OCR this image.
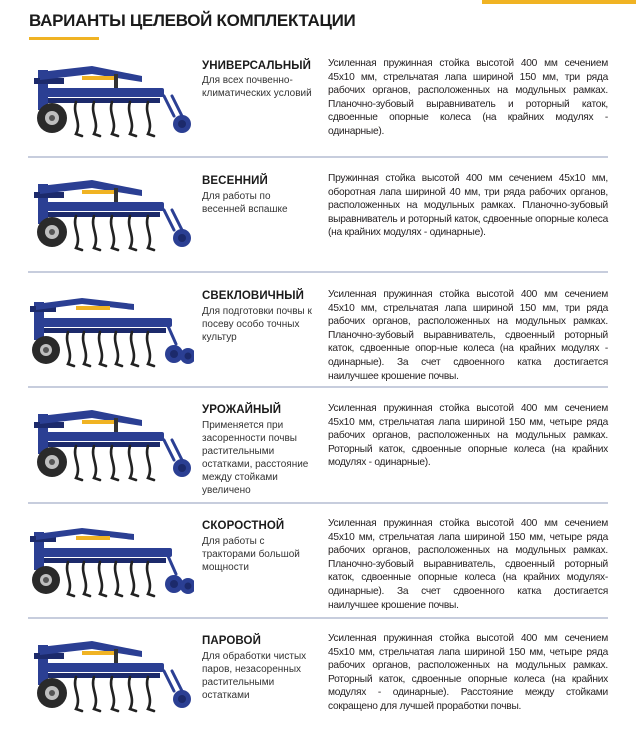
ВАРИАНТЫ ЦЕЛЕВОЙ КОМПЛЕКТАЦИИ
УНИВЕРСАЛЬНЫЙ
Для всех почвенно-климатических условий
Усиленная пружинная стойка высотой 400 мм сечением 45х10 мм, стрельчатая лапа шириной 150 мм, три ряда рабочих органов, расположенных на модульных рамках. Планочно-зубовый выравниватель и роторный каток, сдвоенные опорные колеса (на крайних модулях - одинарные).
ВЕСЕННИЙ
Для работы по весенней вспашке
Пружинная стойка высотой 400 мм сечением 45х10 мм, оборотная лапа шириной 40 мм, три ряда рабочих органов, расположенных на модульных рамках. Планочно-зубовый выравниватель и роторный каток, сдвоенные опорные колеса (на крайних модулях - одинарные).
СВЕКЛОВИЧНЫЙ
Для подготовки почвы к посеву особо точных культур
Усиленная пружинная стойка высотой 400 мм сечением 45х10 мм, стрельчатая лапа шириной 150 мм, три ряда рабочих органов, расположенных на модульных рамках. Планочно-зубовый выравниватель, сдвоенный роторный каток, сдвоенные опор-ные колеса (на крайних модулях - одинарные). За счет сдвоенного катка достигается наилучшее крошение почвы.
УРОЖАЙНЫЙ
Применяется при засоренности почвы растительными остатками, расстояние между стойками увеличено
Усиленная пружинная стойка высотой 400 мм сечением 45х10 мм, стрельчатая лапа шириной 150 мм, четыре ряда рабочих органов, расположенных на модульных рамках. Роторный каток, сдвоенные опорные колеса (на крайних модулях - одинарные).
СКОРОСТНОЙ
Для работы с тракторами большой мощности
Усиленная пружинная стойка высотой 400 мм сечением 45х10 мм, стрельчатая лапа шириной 150 мм, четыре ряда рабочих органов, расположенных на модульных рамках. Планочно-зубовый выравниватель, сдвоенный роторный каток, сдвоенные опорные колеса (на крайних модулях- одинарные). За счет сдвоенного катка достигается наилучшее крошение почвы.
ПАРОВОЙ
Для обработки чистых паров, незасоренных растительными остатками
Усиленная пружинная стойка высотой 400 мм сечением 45х10 мм, стрельчатая лапа шириной 150 мм, четыре ряда рабочих органов, расположенных на модульных рамках. Роторный каток, сдвоенные опорные колеса (на крайних модулях - одинарные). Расстояние между стойками сокращено для лучшей проработки почвы.
